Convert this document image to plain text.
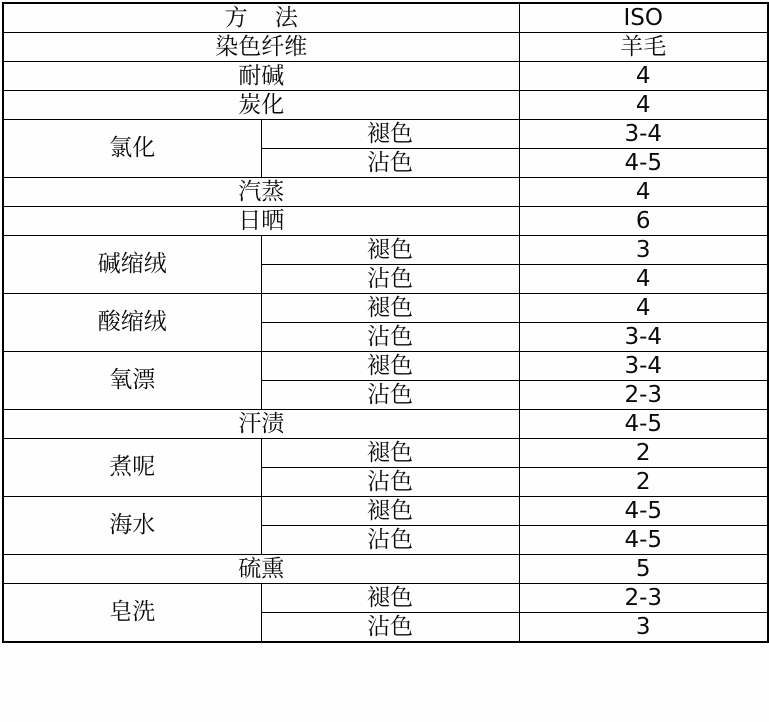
方 法		ISO
染色纤维		羊毛
耐碱		4
炭化		4
氯化	褪色	3-4
	沾色	4-5
汽蒸		4
日晒		6
碱缩绒	褪色	3
	沾色	4
酸缩绒	褪色	4
	沾色	3-4
氧漂	褪色	3-4
	沾色	2-3
汗渍		4-5
煮呢	褪色	2
	沾色	2
海水	褪色	4-5
	沾色	4-5
硫熏		5
皂洗	褪色	2-3
	沾色	3
